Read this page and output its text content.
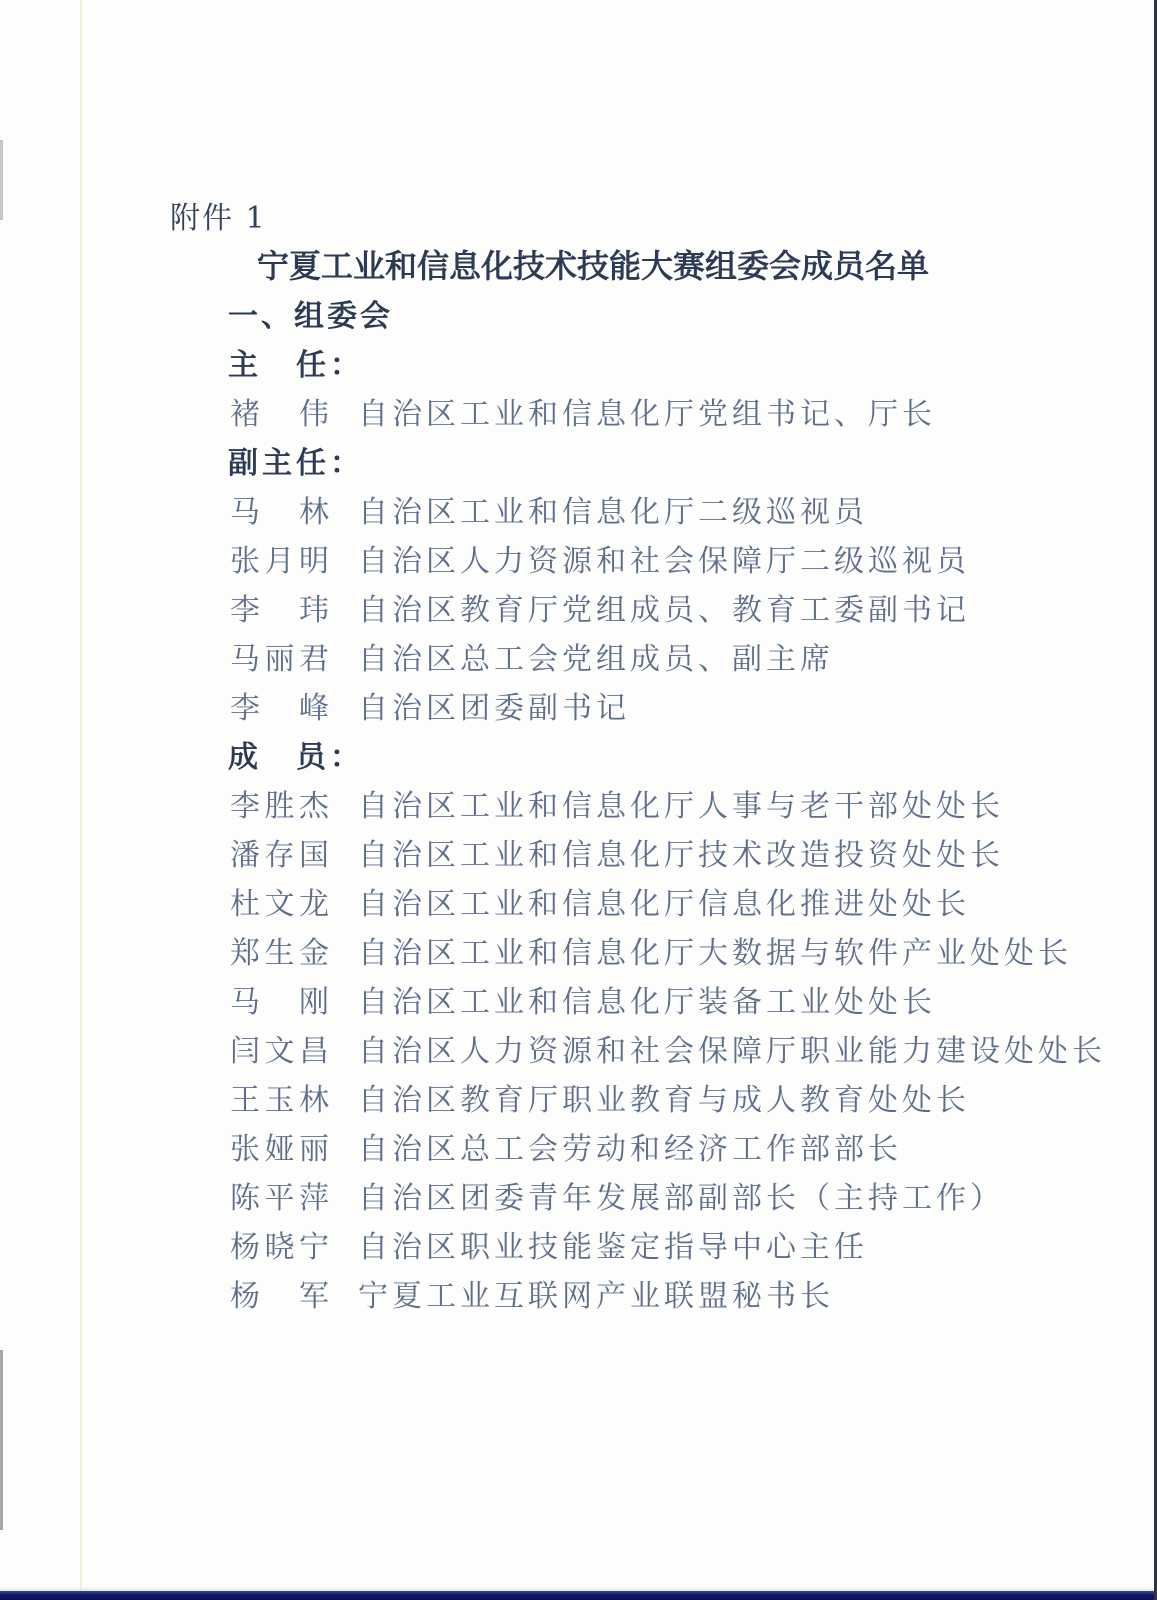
附件 1
宁夏工业和信息化技术技能大赛组委会成员名单
一、组委会
主　任：
褚　伟 自治区工业和信息化厅党组书记、厅长
副主任：
马　林 自治区工业和信息化厅二级巡视员
张月明 自治区人力资源和社会保障厅二级巡视员
李　玮 自治区教育厅党组成员、教育工委副书记
马丽君 自治区总工会党组成员、副主席
李　峰 自治区团委副书记
成　员：
李胜杰 自治区工业和信息化厅人事与老干部处处长
潘存国 自治区工业和信息化厅技术改造投资处处长
杜文龙 自治区工业和信息化厅信息化推进处处长
郑生金 自治区工业和信息化厅大数据与软件产业处处长
马　刚 自治区工业和信息化厅装备工业处处长
闫文昌 自治区人力资源和社会保障厅职业能力建设处处长
王玉林 自治区教育厅职业教育与成人教育处处长
张娅丽 自治区总工会劳动和经济工作部部长
陈平萍 自治区团委青年发展部副部长（主持工作）
杨晓宁 自治区职业技能鉴定指导中心主任
杨　军 宁夏工业互联网产业联盟秘书长
